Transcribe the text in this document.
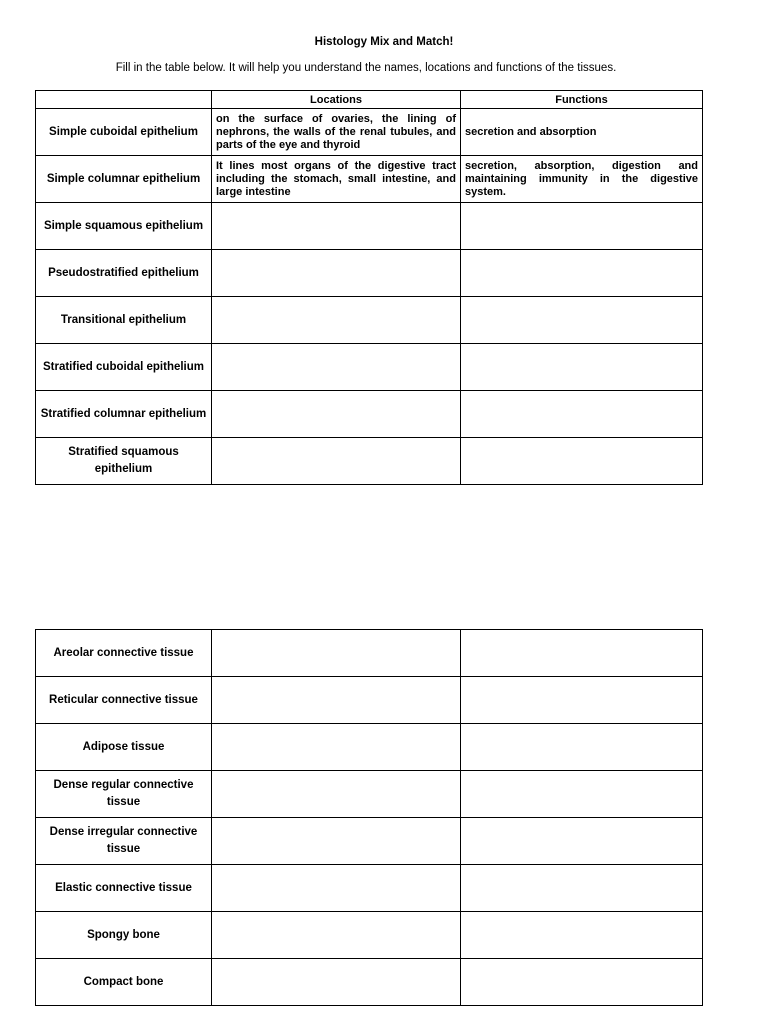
Histology Mix and Match!
Fill in the table below. It will help you understand the names, locations and functions of the tissues.
	Locations	Functions
Simple cuboidal epithelium	on the surface of ovaries, the lining of nephrons, the walls of the renal tubules, and parts of the eye and thyroid	secretion and absorption
Simple columnar epithelium	It lines most organs of the digestive tract including the stomach, small intestine, and large intestine	secretion, absorption, digestion and maintaining immunity in the digestive system.
Simple squamous epithelium		
Pseudostratified epithelium		
Transitional epithelium		
Stratified cuboidal epithelium		
Stratified columnar epithelium		
Stratified squamous epithelium		
Areolar connective tissue		
Reticular connective tissue		
Adipose tissue		
Dense regular connective tissue		
Dense irregular connective tissue		
Elastic connective tissue		
Spongy bone		
Compact bone		
